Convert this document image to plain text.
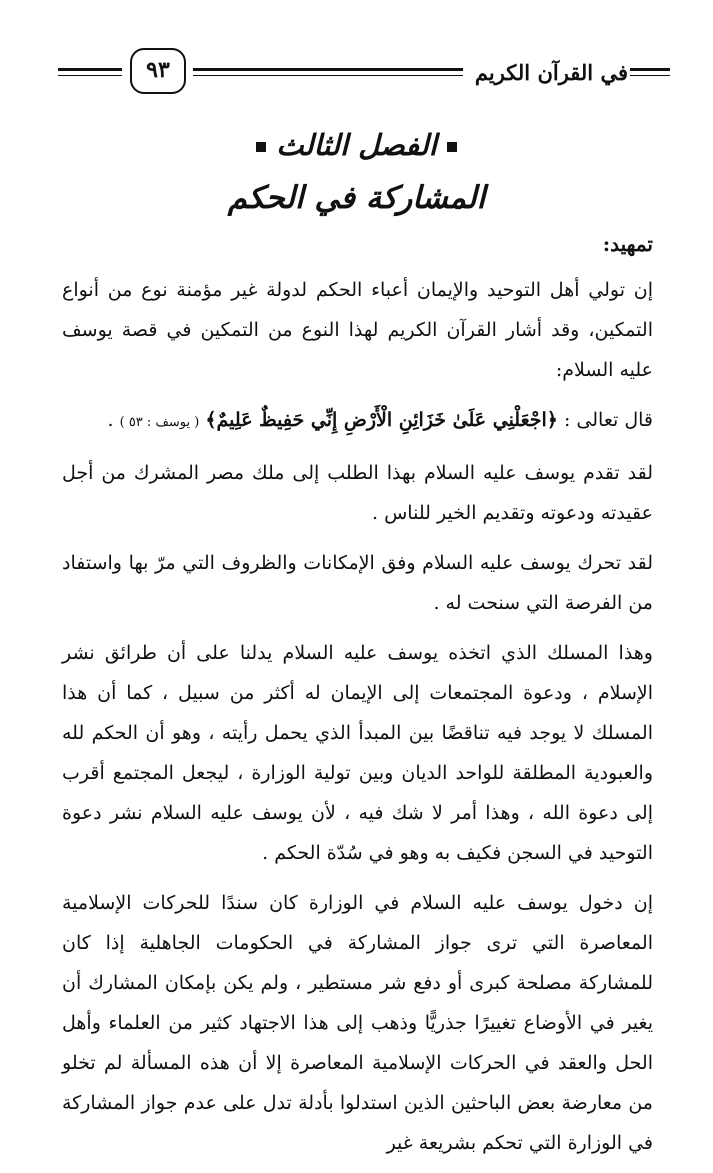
في القرآن الكريم
٩٣
الفصل الثالث
المشاركة في الحكم
تمهيد:

إن تولي أهل التوحيد والإيمان أعباء الحكم لدولة غير مؤمنة نوع من أنواع التمكين، وقد أشار القرآن الكريم لهذا النوع من التمكين في قصة يوسف عليه السلام:

قال تعالى : ﴿اجْعَلْنِي عَلَىٰ خَزَائِنِ الْأَرْضِ إِنِّي حَفِيظٌ عَلِيمٌ﴾ ( يوسف : ٥٣ ) .

لقد تقدم يوسف عليه السلام بهذا الطلب إلى ملك مصر المشرك من أجل عقيدته ودعوته وتقديم الخير للناس .

لقد تحرك يوسف عليه السلام وفق الإمكانات والظروف التي مرّ بها واستفاد من الفرصة التي سنحت له .

وهذا المسلك الذي اتخذه يوسف عليه السلام يدلنا على أن طرائق نشر الإسلام ، ودعوة المجتمعات إلى الإيمان له أكثر من سبيل ، كما أن هذا المسلك لا يوجد فيه تناقضًا بين المبدأ الذي يحمل رأيته ، وهو أن الحكم لله والعبودية المطلقة للواحد الديان وبين تولية الوزارة ، ليجعل المجتمع أقرب إلى دعوة الله ، وهذا أمر لا شك فيه ، لأن يوسف عليه السلام نشر دعوة التوحيد في السجن فكيف به وهو في سُدّة الحكم .

إن دخول يوسف عليه السلام في الوزارة كان سندًا للحركات الإسلامية المعاصرة التي ترى جواز المشاركة في الحكومات الجاهلية إذا كان للمشاركة مصلحة كبرى أو دفع شر مستطير ، ولم يكن بإمكان المشارك أن يغير في الأوضاع تغييرًا جذريًّا وذهب إلى هذا الاجتهاد كثير من العلماء وأهل الحل والعقد في الحركات الإسلامية المعاصرة إلا أن هذه المسألة لم تخلو من معارضة بعض الباحثين الذين استدلوا بأدلة تدل على عدم جواز المشاركة في الوزارة التي تحكم بشريعة غير
